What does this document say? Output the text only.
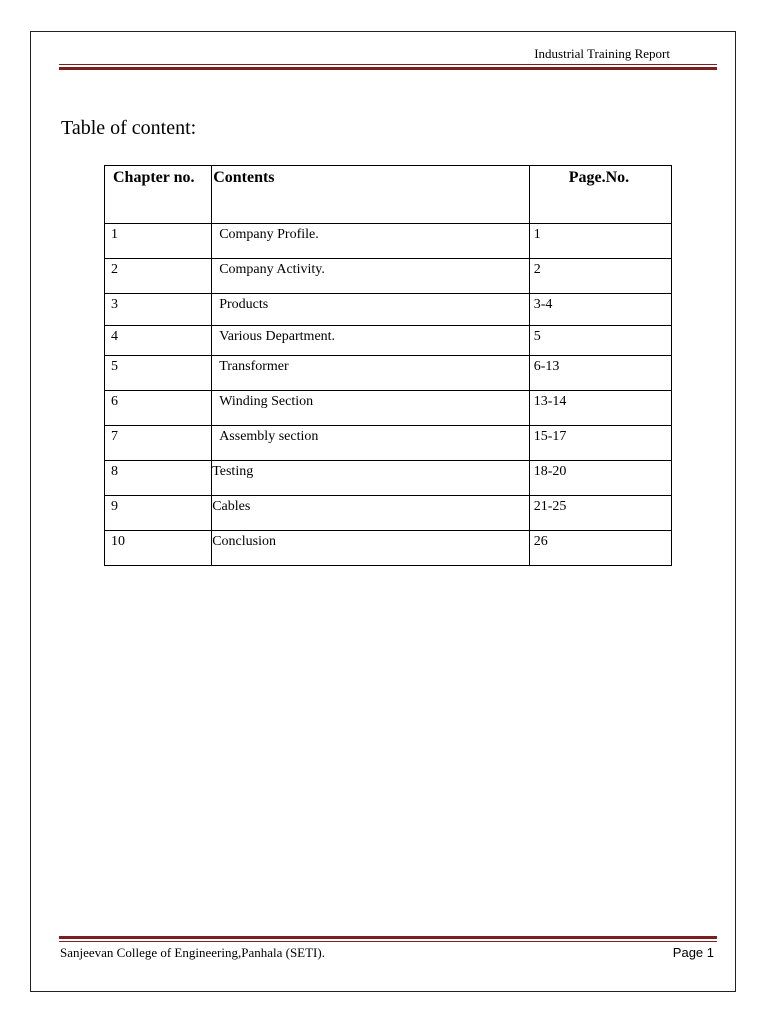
Industrial Training Report
Table of content:
Chapter no.	Contents	Page.No.

1	Company Profile.	1

2	Company Activity.	2

3	Products	3-4

4	Various Department.	5

5	Transformer	6-13

6	Winding Section	13-14

7	Assembly section	15-17

8	Testing	18-20

9	Cables	21-25

10	Conclusion	26
Sanjeevan College of Engineering,Panhala (SETI).	Page 1
